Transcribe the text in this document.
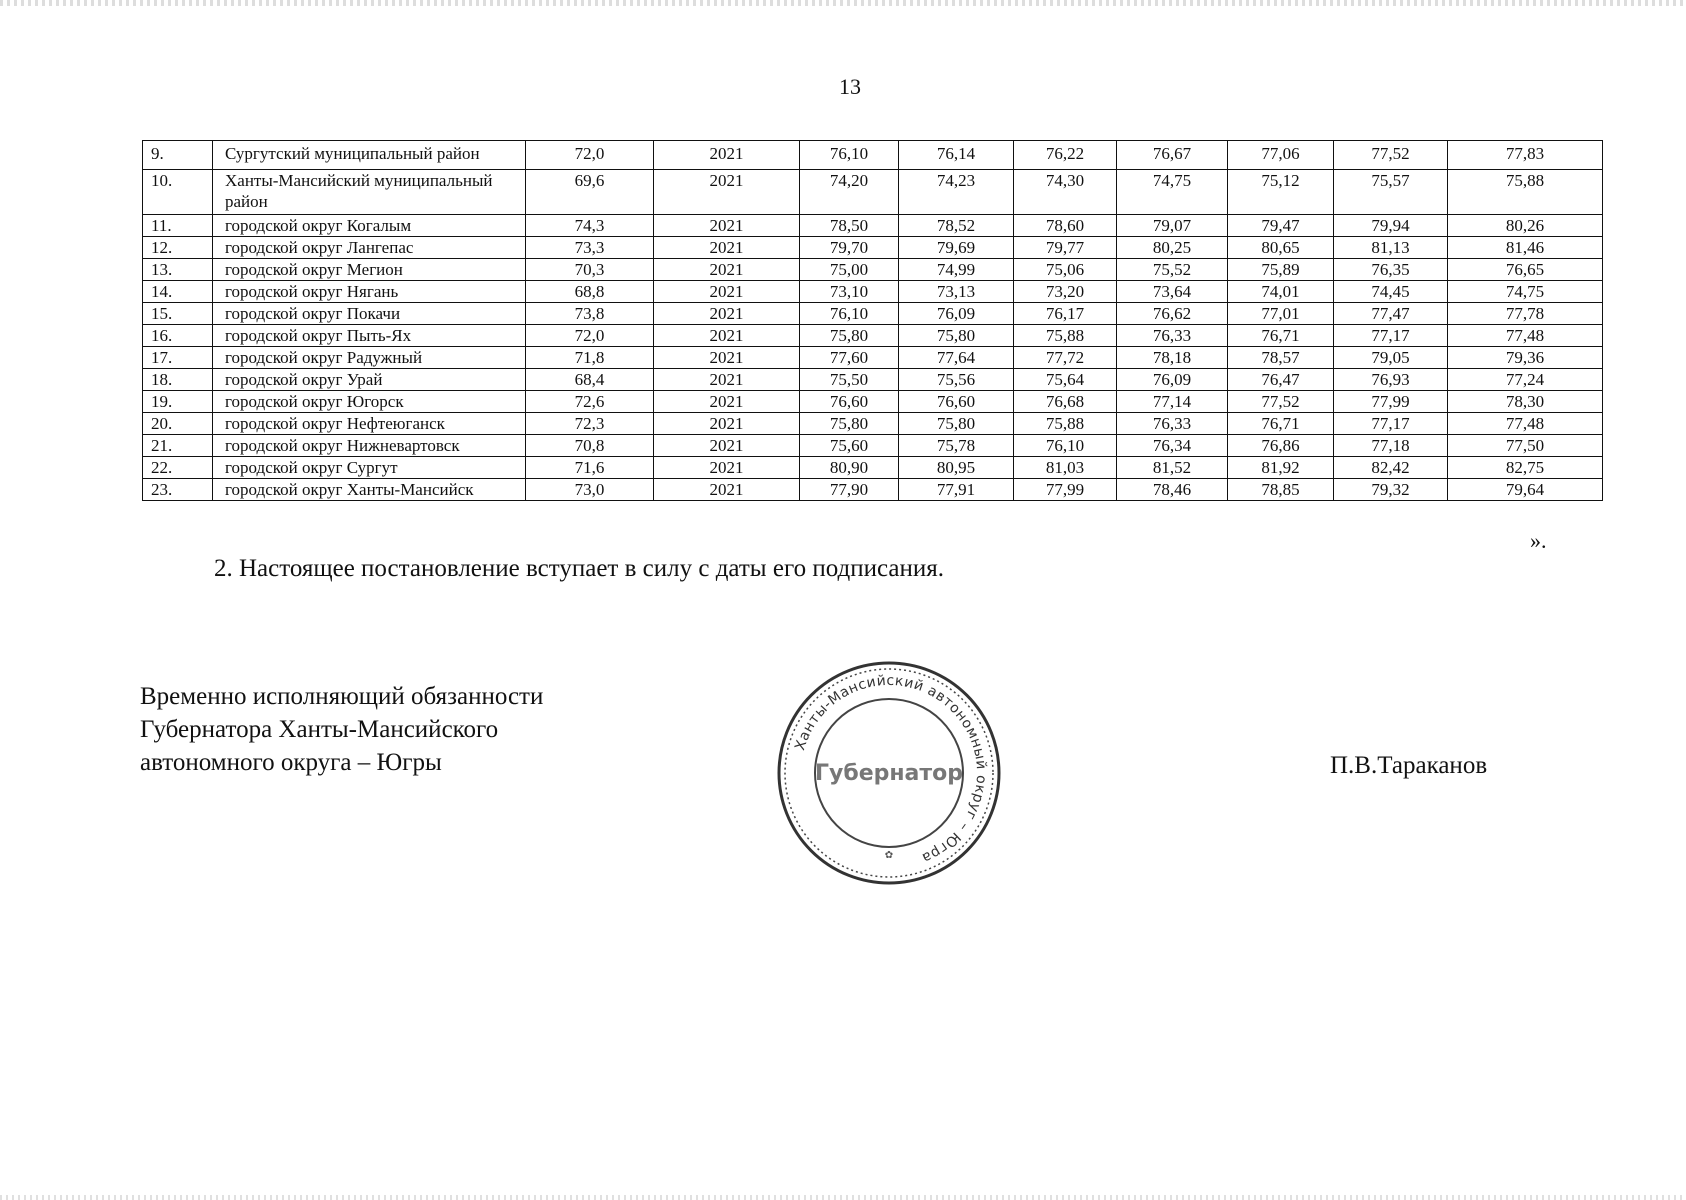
13
9.	Сургутский муниципальный район	72,0	2021	76,10	76,14	76,22	76,67	77,06	77,52	77,83
10.	Ханты-Мансийский муниципальный район	69,6	2021	74,20	74,23	74,30	74,75	75,12	75,57	75,88
11.	городской округ Когалым	74,3	2021	78,50	78,52	78,60	79,07	79,47	79,94	80,26
12.	городской округ Лангепас	73,3	2021	79,70	79,69	79,77	80,25	80,65	81,13	81,46
13.	городской округ Мегион	70,3	2021	75,00	74,99	75,06	75,52	75,89	76,35	76,65
14.	городской округ Нягань	68,8	2021	73,10	73,13	73,20	73,64	74,01	74,45	74,75
15.	городской округ Покачи	73,8	2021	76,10	76,09	76,17	76,62	77,01	77,47	77,78
16.	городской округ Пыть-Ях	72,0	2021	75,80	75,80	75,88	76,33	76,71	77,17	77,48
17.	городской округ Радужный	71,8	2021	77,60	77,64	77,72	78,18	78,57	79,05	79,36
18.	городской округ Урай	68,4	2021	75,50	75,56	75,64	76,09	76,47	76,93	77,24
19.	городской округ Югорск	72,6	2021	76,60	76,60	76,68	77,14	77,52	77,99	78,30
20.	городской округ Нефтеюганск	72,3	2021	75,80	75,80	75,88	76,33	76,71	77,17	77,48
21.	городской округ Нижневартовск	70,8	2021	75,60	75,78	76,10	76,34	76,86	77,18	77,50
22.	городской округ Сургут	71,6	2021	80,90	80,95	81,03	81,52	81,92	82,42	82,75
23.	городской округ Ханты-Мансийск	73,0	2021	77,90	77,91	77,99	78,46	78,85	79,32	79,64
».
2. Настоящее постановление вступает в силу с даты его подписания.
Временно исполняющий обязанности
Губернатора Ханты-Мансийского
автономного округа – Югры
Ханты-Мансийский автономный округ – Югра
Губернатор
✿
П.В.Тараканов
